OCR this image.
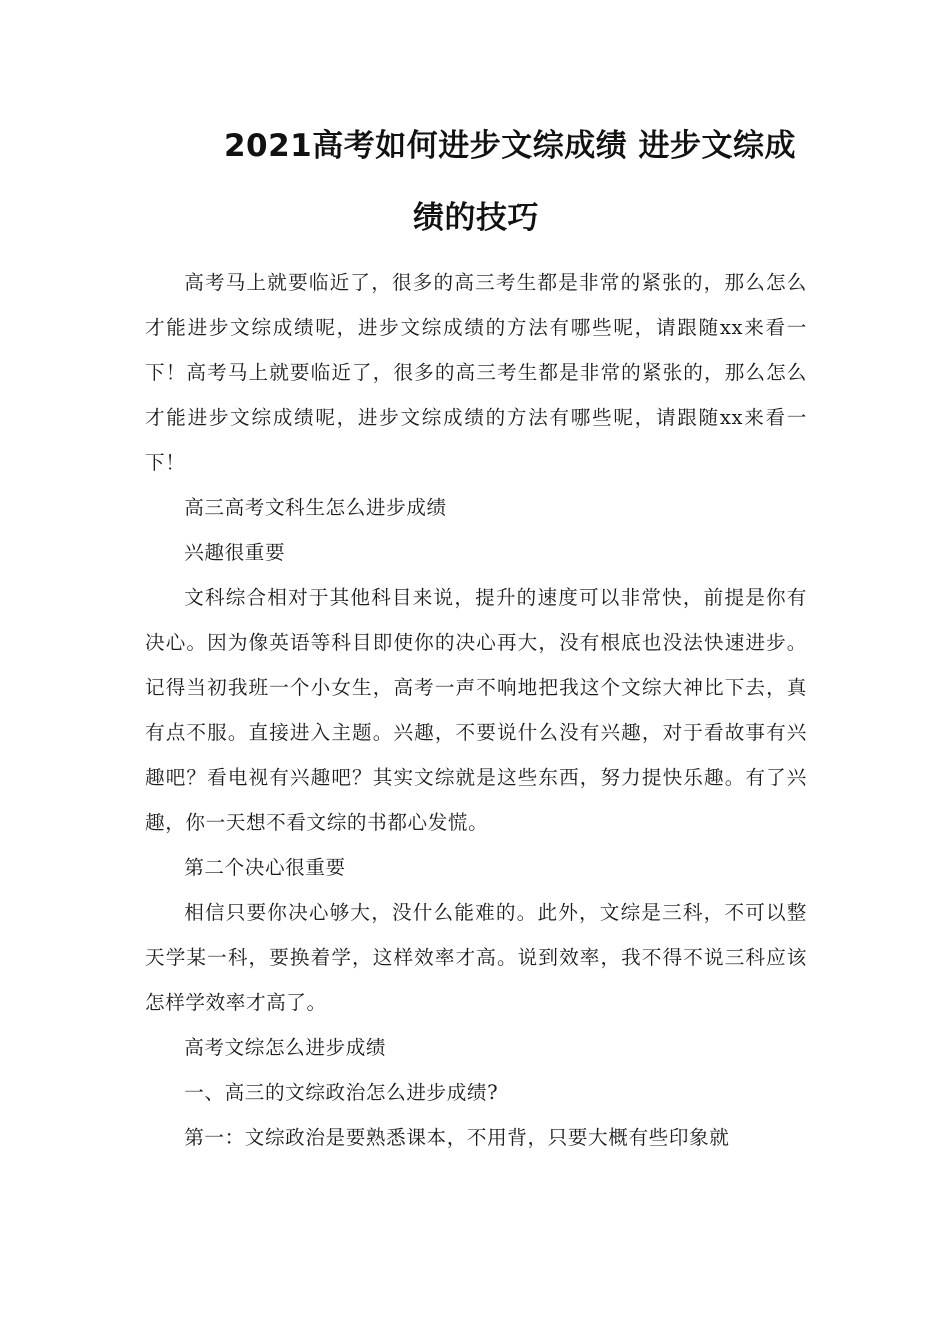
2021高考如何进步文综成绩 进步文综成
绩的技巧

高考马上就要临近了，很多的高三考生都是非常的紧张的，那么怎么才能进步文综成绩呢，进步文综成绩的方法有哪些呢，请跟随xx来看一下！高考马上就要临近了，很多的高三考生都是非常的紧张的，那么怎么才能进步文综成绩呢，进步文综成绩的方法有哪些呢，请跟随xx来看一下！

高三高考文科生怎么进步成绩

兴趣很重要

文科综合相对于其他科目来说，提升的速度可以非常快，前提是你有决心。因为像英语等科目即使你的决心再大，没有根底也没法快速进步。记得当初我班一个小女生，高考一声不响地把我这个文综大神比下去，真有点不服。直接进入主题。兴趣，不要说什么没有兴趣，对于看故事有兴趣吧？看电视有兴趣吧？其实文综就是这些东西，努力提快乐趣。有了兴趣，你一天想不看文综的书都心发慌。

第二个决心很重要

相信只要你决心够大，没什么能难的。此外，文综是三科，不可以整天学某一科，要换着学，这样效率才高。说到效率，我不得不说三科应该怎样学效率才高了。

高考文综怎么进步成绩

一、高三的文综政治怎么进步成绩?

第一：文综政治是要熟悉课本，不用背，只要大概有些印象就
